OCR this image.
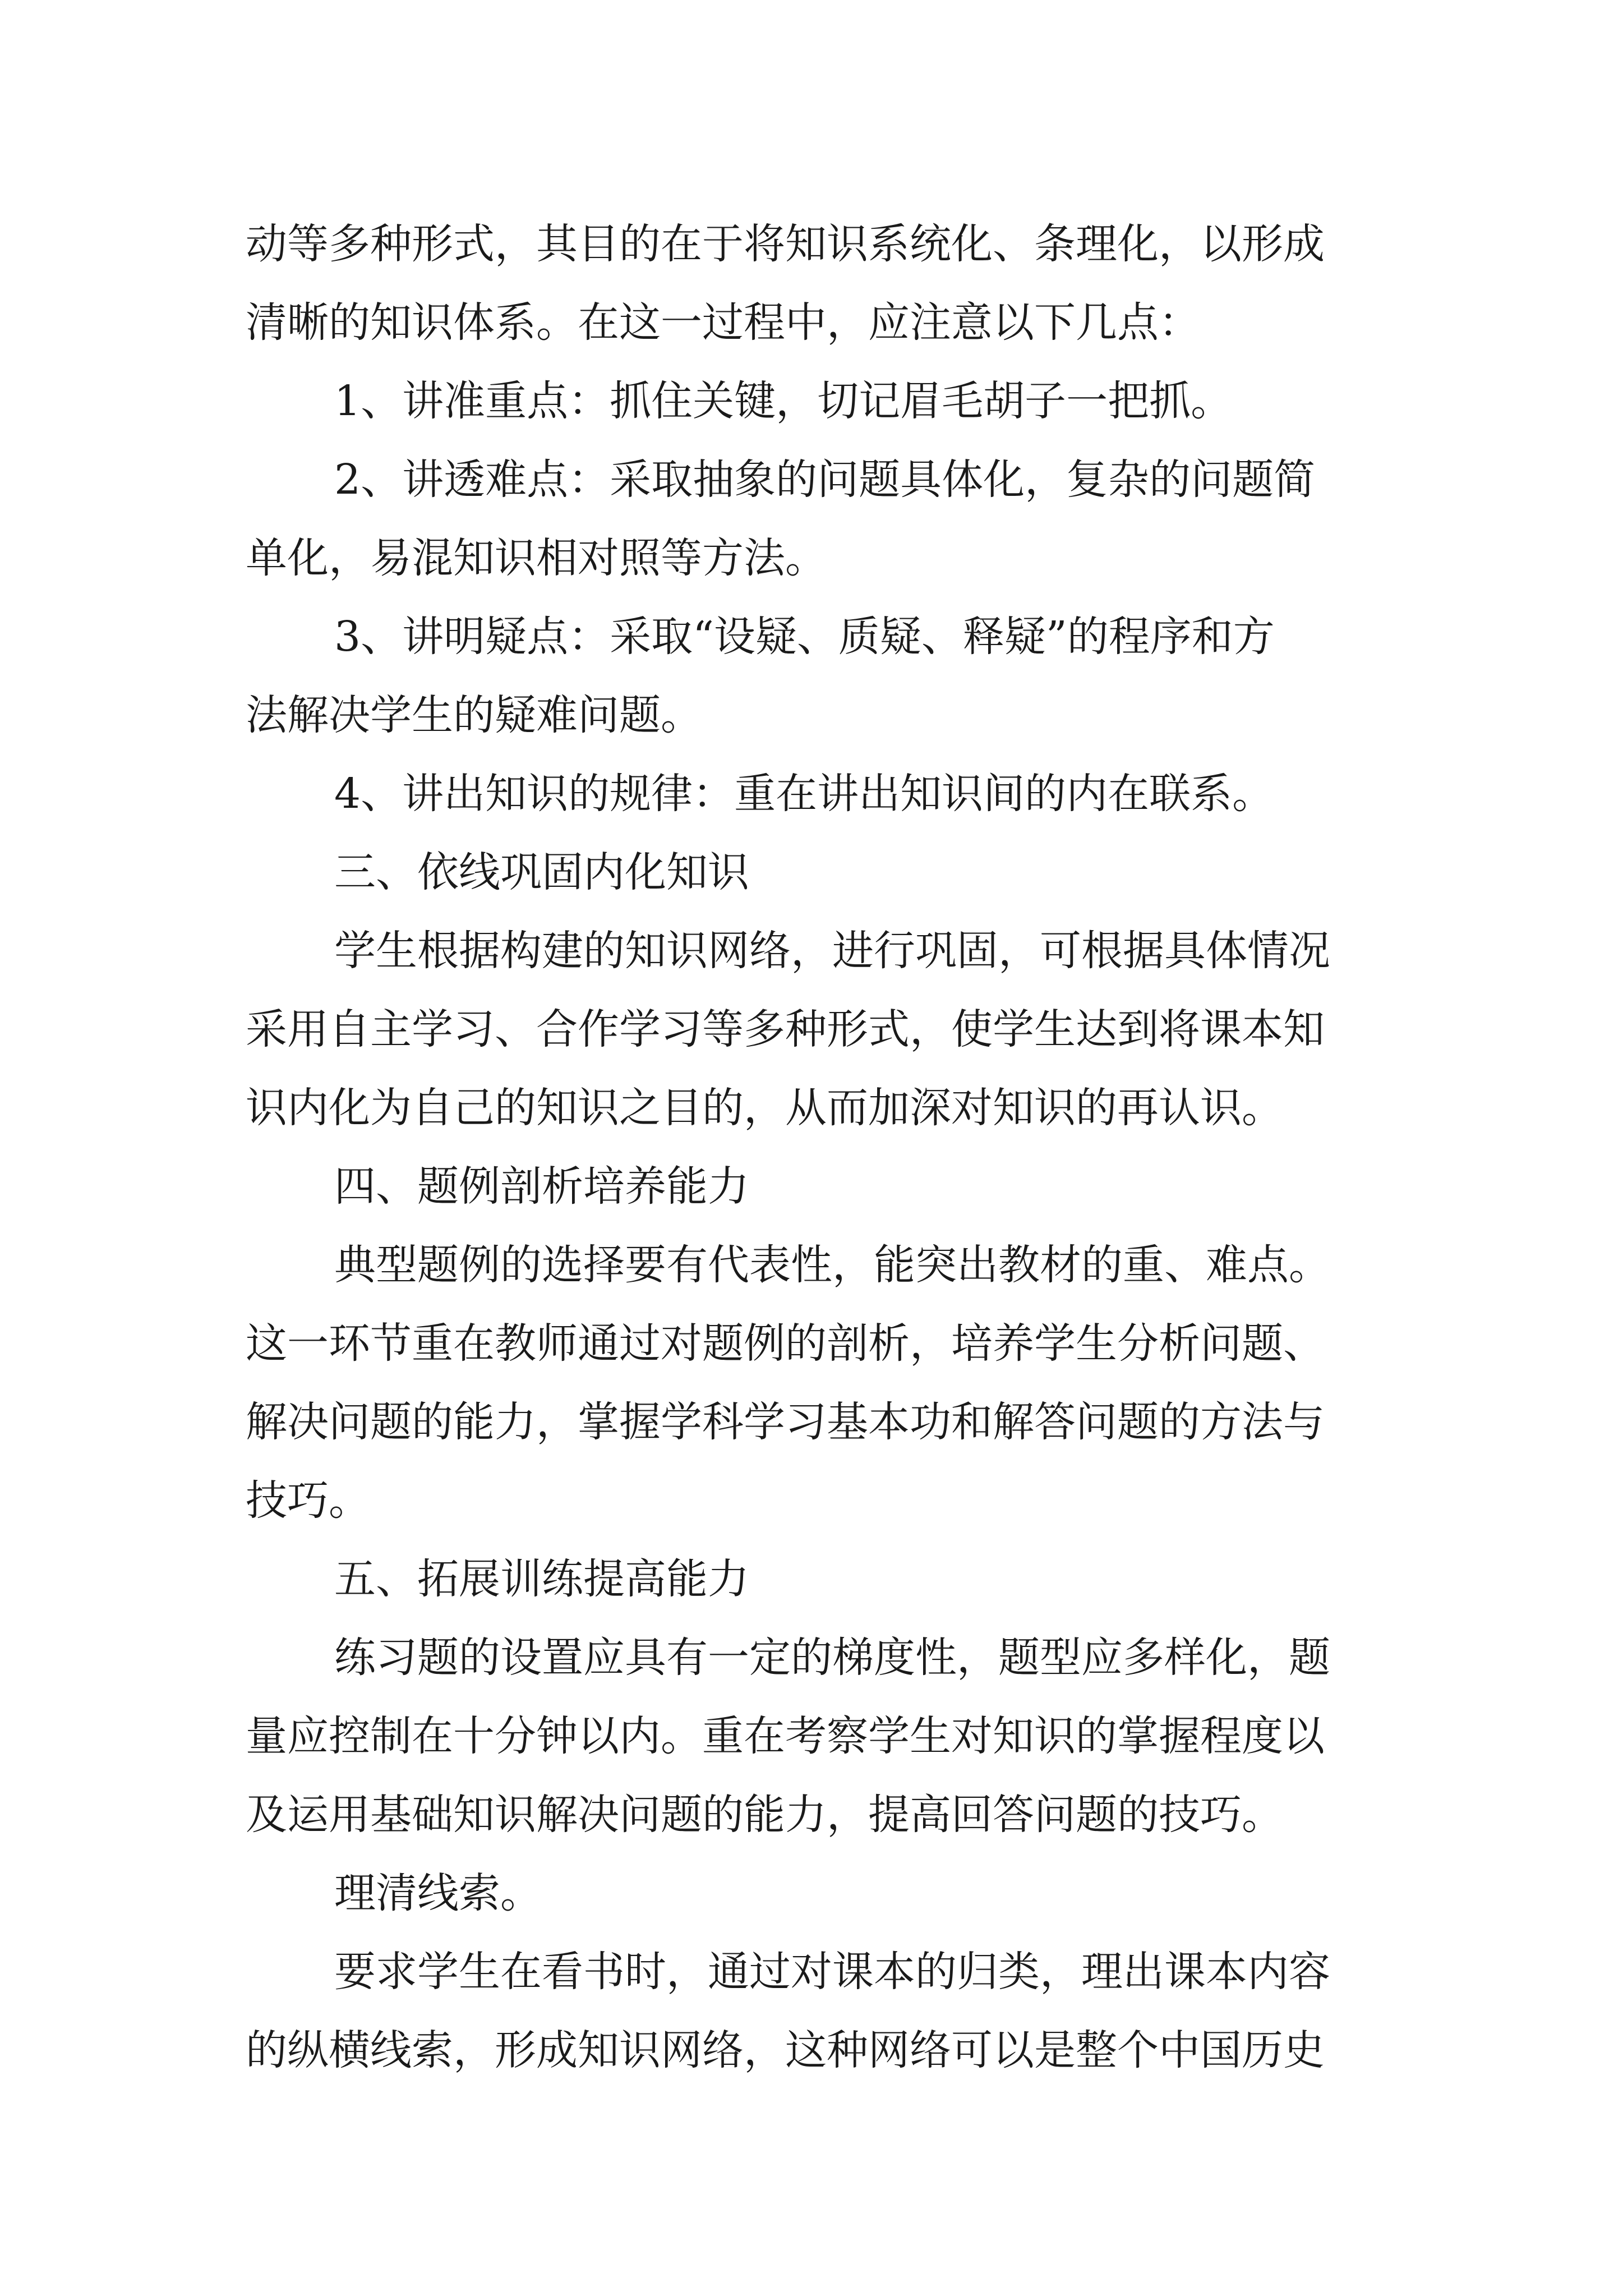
动等多种形式，其目的在于将知识系统化、条理化，以形成
清晰的知识体系。在这一过程中，应注意以下几点：
1、讲准重点：抓住关键，切记眉毛胡子一把抓。
2、讲透难点：采取抽象的问题具体化，复杂的问题简
单化，易混知识相对照等方法。
3、讲明疑点：采取“设疑、质疑、释疑”的程序和方
法解决学生的疑难问题。
4、讲出知识的规律：重在讲出知识间的内在联系。
三、依线巩固内化知识
学生根据构建的知识网络，进行巩固，可根据具体情况
采用自主学习、合作学习等多种形式，使学生达到将课本知
识内化为自己的知识之目的，从而加深对知识的再认识。
四、题例剖析培养能力
典型题例的选择要有代表性，能突出教材的重、难点。
这一环节重在教师通过对题例的剖析，培养学生分析问题、
解决问题的能力，掌握学科学习基本功和解答问题的方法与
技巧。
五、拓展训练提高能力
练习题的设置应具有一定的梯度性，题型应多样化，题
量应控制在十分钟以内。重在考察学生对知识的掌握程度以
及运用基础知识解决问题的能力，提高回答问题的技巧。
理清线索。
要求学生在看书时，通过对课本的归类，理出课本内容
的纵横线索，形成知识网络，这种网络可以是整个中国历史
